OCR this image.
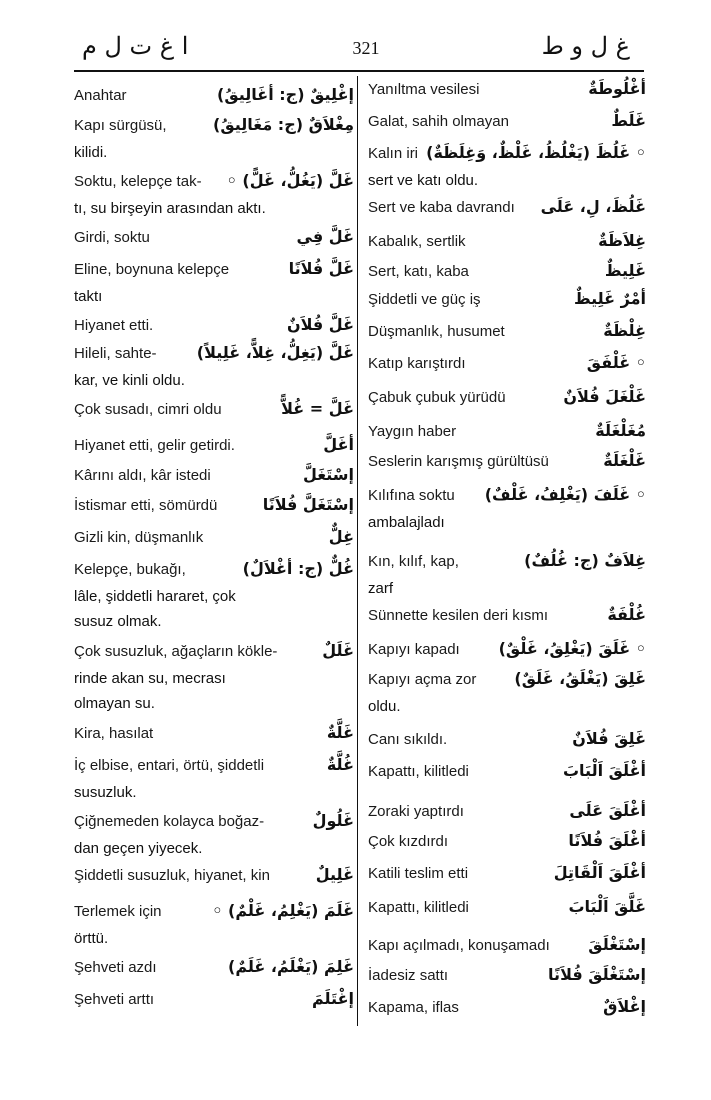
ا غ ت ل م	321	غ ل و ط
Anahtar	إغْلِيقٌ (ج: أغَالِيقُ)
Kapı sürgüsü,	مِغْلاَقٌ (ج: مَغَالِيقُ)
kilidi.
Soktu, kelepçe tak- غَلَّ (يَغُلُّ، غَلًّ) ◦
tı, su birşeyin arasından aktı.
Girdi, soktu	غَلَّ فِي
Eline, boynuna kelepçe	غَلَّ فُلاَنًا
taktı
Hiyanet etti.	غَلَّ فُلاَنٌ
Hileli, sahte-	غَلَّ (يَغِلُّ، غِلاًّ، غَلِيلاً)
kar, ve kinli oldu.
Çok susadı, cimri oldu	غَلَّ = غُلاًّ
Hiyanet etti, gelir getirdi.	أغَلَّ
Kârını aldı, kâr istedi	إسْتَغَلَّ
İstismar etti, sömürdü	إسْتَغَلَّ فُلاَنًا
Gizli kin, düşmanlık	غِلٌّ
Kelepçe, bukağı,	غُلٌّ (ج: أغْلاَلٌ)
lâle, şiddetli hararet, çok
susuz olmak.
Çok susuzluk, ağaçların kökle-	غَلَلٌ
rinde akan su, mecrası
olmayan su.
Kira, hasılat	غَلَّةٌ
İç elbise, entari, örtü, şiddetli	غُلَّةٌ
susuzluk.
Çiğnemeden kolayca boğaz-	غَلُولٌ
dan geçen yiyecek.
Şiddetli susuzluk, hiyanet, kin	غَلِيلٌ
Terlemek için	غَلَمَ (يَغْلِمُ، غَلْمٌ) ◦
örttü.
Şehveti azdı	غَلِمَ (يَغْلَمُ، غَلَمٌ)
Şehveti arttı	إغْتَلَمَ
Yanıltma vesilesi	أغْلُوطَةٌ
Galat, sahih olmayan	غَلَطٌ
Kalın iri ◦ غَلُظَ (يَغْلُظُ، غَلْظٌ، وَغِلَظَةٌ)
sert ve katı oldu.
Sert ve kaba davrandı غَلُظَ، لِ، عَلَى
Kabalık, sertlik	غِلاَظَةٌ
Sert, katı, kaba	غَلِيظٌ
Şiddetli ve güç iş	أمْرٌ غَلِيظٌ
Düşmanlık, husumet	غِلْظَةٌ
Katıp karıştırdı	◦ غَلْفَقَ
Çabuk çubuk yürüdü	غَلْغَلَ فُلاَنٌ
Yaygın haber	مُغَلْغَلَةٌ
Seslerin karışmış gürültüsü	غَلْغَلَةٌ
Kılıfına soktu ◦ غَلَفَ (يَغْلِفُ، غَلْفٌ)
ambalajladı
Kın, kılıf, kap,	غِلاَفٌ (ج: غُلُفٌ)
zarf
Sünnette kesilen deri kısmı	غُلْفَةٌ
Kapıyı kapadı ◦ غَلَقَ (يَغْلِقُ، غَلْقٌ)
Kapıyı açma zor غَلِقَ (يَغْلَقُ، غَلَقٌ)
oldu.
Canı sıkıldı.	غَلِقَ فُلاَنٌ
Kapattı, kilitledi	أغْلَقَ اَلْبَابَ
Zoraki yaptırdı	أغْلَقَ عَلَى
Çok kızdırdı	أغْلَقَ فُلاَنًا
Katili teslim etti	أغْلَقَ اَلْقَاتِلَ
Kapattı, kilitledi	غَلَّقَ اَلْبَابَ
Kapı açılmadı, konuşamadı إسْتَغْلَقَ
İadesiz sattı	إسْتَغْلَقَ فُلاَنًا
Kapama, iflas	إغْلاَقٌ
